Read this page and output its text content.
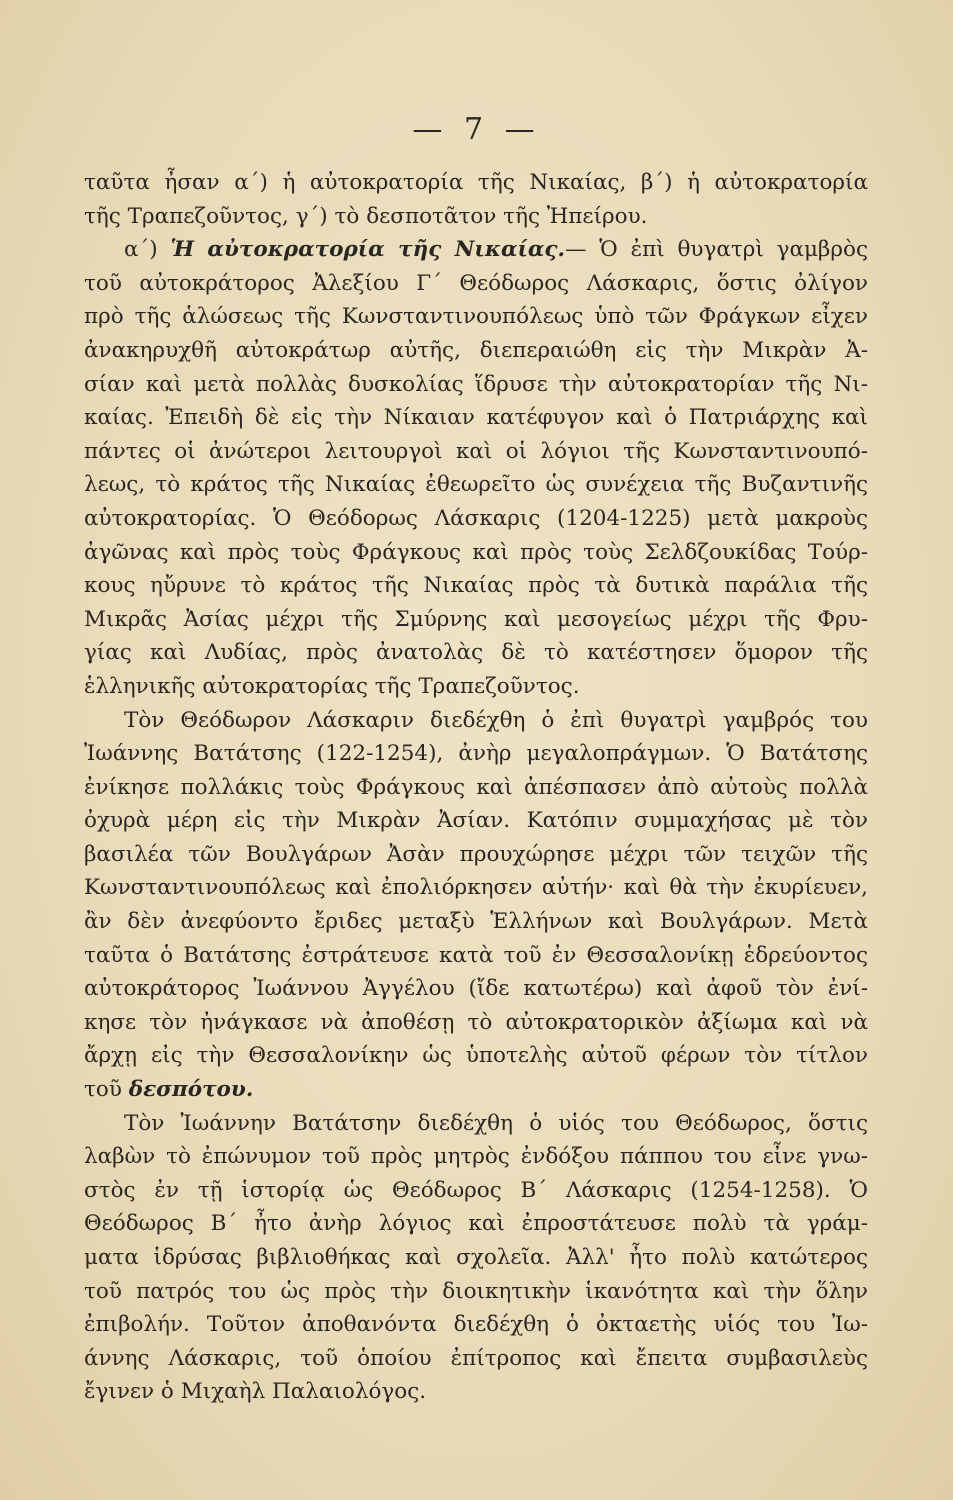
— 7 —
ταῦτα ἦσαν α΄) ἡ αὐτοκρατορία τῆς Νικαίας, β΄) ἡ αὐτοκρατορία
τῆς Τραπεζοῦντος, γ΄) τὸ δεσποτᾶτον τῆς Ἠπείρου.
α΄) Ἡ αὐτοκρατορία τῆς Νικαίας.— Ὁ ἐπὶ θυγατρὶ γαμβρὸς
τοῦ αὐτοκράτορος Ἀλεξίου Γ΄ Θεόδωρος Λάσκαρις, ὅστις ὀλίγον
πρὸ τῆς ἁλώσεως τῆς Κωνσταντινουπόλεως ὑπὸ τῶν Φράγκων εἶχεν
ἀνακηρυχθῆ αὐτοκράτωρ αὐτῆς, διεπεραιώθη εἰς τὴν Μικρὰν Ἀ-
σίαν καὶ μετὰ πολλὰς δυσκολίας ἵδρυσε τὴν αὐτοκρατορίαν τῆς Νι-
καίας. Ἐπειδὴ δὲ εἰς τὴν Νίκαιαν κατέφυγον καὶ ὁ Πατριάρχης καὶ
πάντες οἱ ἀνώτεροι λειτουργοὶ καὶ οἱ λόγιοι τῆς Κωνσταντινουπό-
λεως, τὸ κράτος τῆς Νικαίας ἐθεωρεῖτο ὡς συνέχεια τῆς Βυζαντινῆς
αὐτοκρατορίας. Ὁ Θεόδορως Λάσκαρις (1204-1225) μετὰ μακροὺς
ἀγῶνας καὶ πρὸς τοὺς Φράγκους καὶ πρὸς τοὺς Σελδζουκίδας Τούρ-
κους ηὔρυνε τὸ κράτος τῆς Νικαίας πρὸς τὰ δυτικὰ παράλια τῆς
Μικρᾶς Ἀσίας μέχρι τῆς Σμύρνης καὶ μεσογείως μέχρι τῆς Φρυ-
γίας καὶ Λυδίας, πρὸς ἀνατολὰς δὲ τὸ κατέστησεν ὅμορον τῆς
ἑλληνικῆς αὐτοκρατορίας τῆς Τραπεζοῦντος.
Τὸν Θεόδωρον Λάσκαριν διεδέχθη ὁ ἐπὶ θυγατρὶ γαμβρός του
Ἰωάννης Βατάτσης (122-1254), ἀνὴρ μεγαλοπράγμων. Ὁ Βατάτσης
ἐνίκησε πολλάκις τοὺς Φράγκους καὶ ἀπέσπασεν ἀπὸ αὐτοὺς πολλὰ
ὀχυρὰ μέρη εἰς τὴν Μικρὰν Ἀσίαν. Κατόπιν συμμαχήσας μὲ τὸν
βασιλέα τῶν Βουλγάρων Ἀσὰν προυχώρησε μέχρι τῶν τειχῶν τῆς
Κωνσταντινουπόλεως καὶ ἐπολιόρκησεν αὐτήν· καὶ θὰ τὴν ἐκυρίευεν,
ἂν δὲν ἀνεφύοντο ἔριδες μεταξὺ Ἑλλήνων καὶ Βουλγάρων. Μετὰ
ταῦτα ὁ Βατάτσης ἐστράτευσε κατὰ τοῦ ἐν Θεσσαλονίκῃ ἑδρεύοντος
αὐτοκράτορος Ἰωάννου Ἀγγέλου (ἴδε κατωτέρω) καὶ ἀφοῦ τὸν ἐνί-
κησε τὸν ἠνάγκασε νὰ ἀποθέσῃ τὸ αὐτοκρατορικὸν ἀξίωμα καὶ νὰ
ἄρχῃ εἰς τὴν Θεσσαλονίκην ὡς ὑποτελὴς αὐτοῦ φέρων τὸν τίτλον
τοῦ δεσπότου.
Τὸν Ἰωάννην Βατάτσην διεδέχθη ὁ υἱός του Θεόδωρος, ὅστις
λαβὼν τὸ ἐπώνυμον τοῦ πρὸς μητρὸς ἐνδόξου πάππου του εἶνε γνω-
στὸς ἐν τῇ ἱστορίᾳ ὡς Θεόδωρος Β΄ Λάσκαρις (1254-1258). Ὁ
Θεόδωρος Β΄ ἦτο ἀνὴρ λόγιος καὶ ἐπροστάτευσε πολὺ τὰ γράμ-
ματα ἱδρύσας βιβλιοθήκας καὶ σχολεῖα. Ἀλλ' ἦτο πολὺ κατώτερος
τοῦ πατρός του ὡς πρὸς τὴν διοικητικὴν ἱκανότητα καὶ τὴν ὅλην
ἐπιβολήν. Τοῦτον ἀποθανόντα διεδέχθη ὁ ὀκταετὴς υἱός του Ἰω-
άννης Λάσκαρις, τοῦ ὁποίου ἐπίτροπος καὶ ἔπειτα συμβασιλεὺς
ἔγινεν ὁ Μιχαὴλ Παλαιολόγος.
